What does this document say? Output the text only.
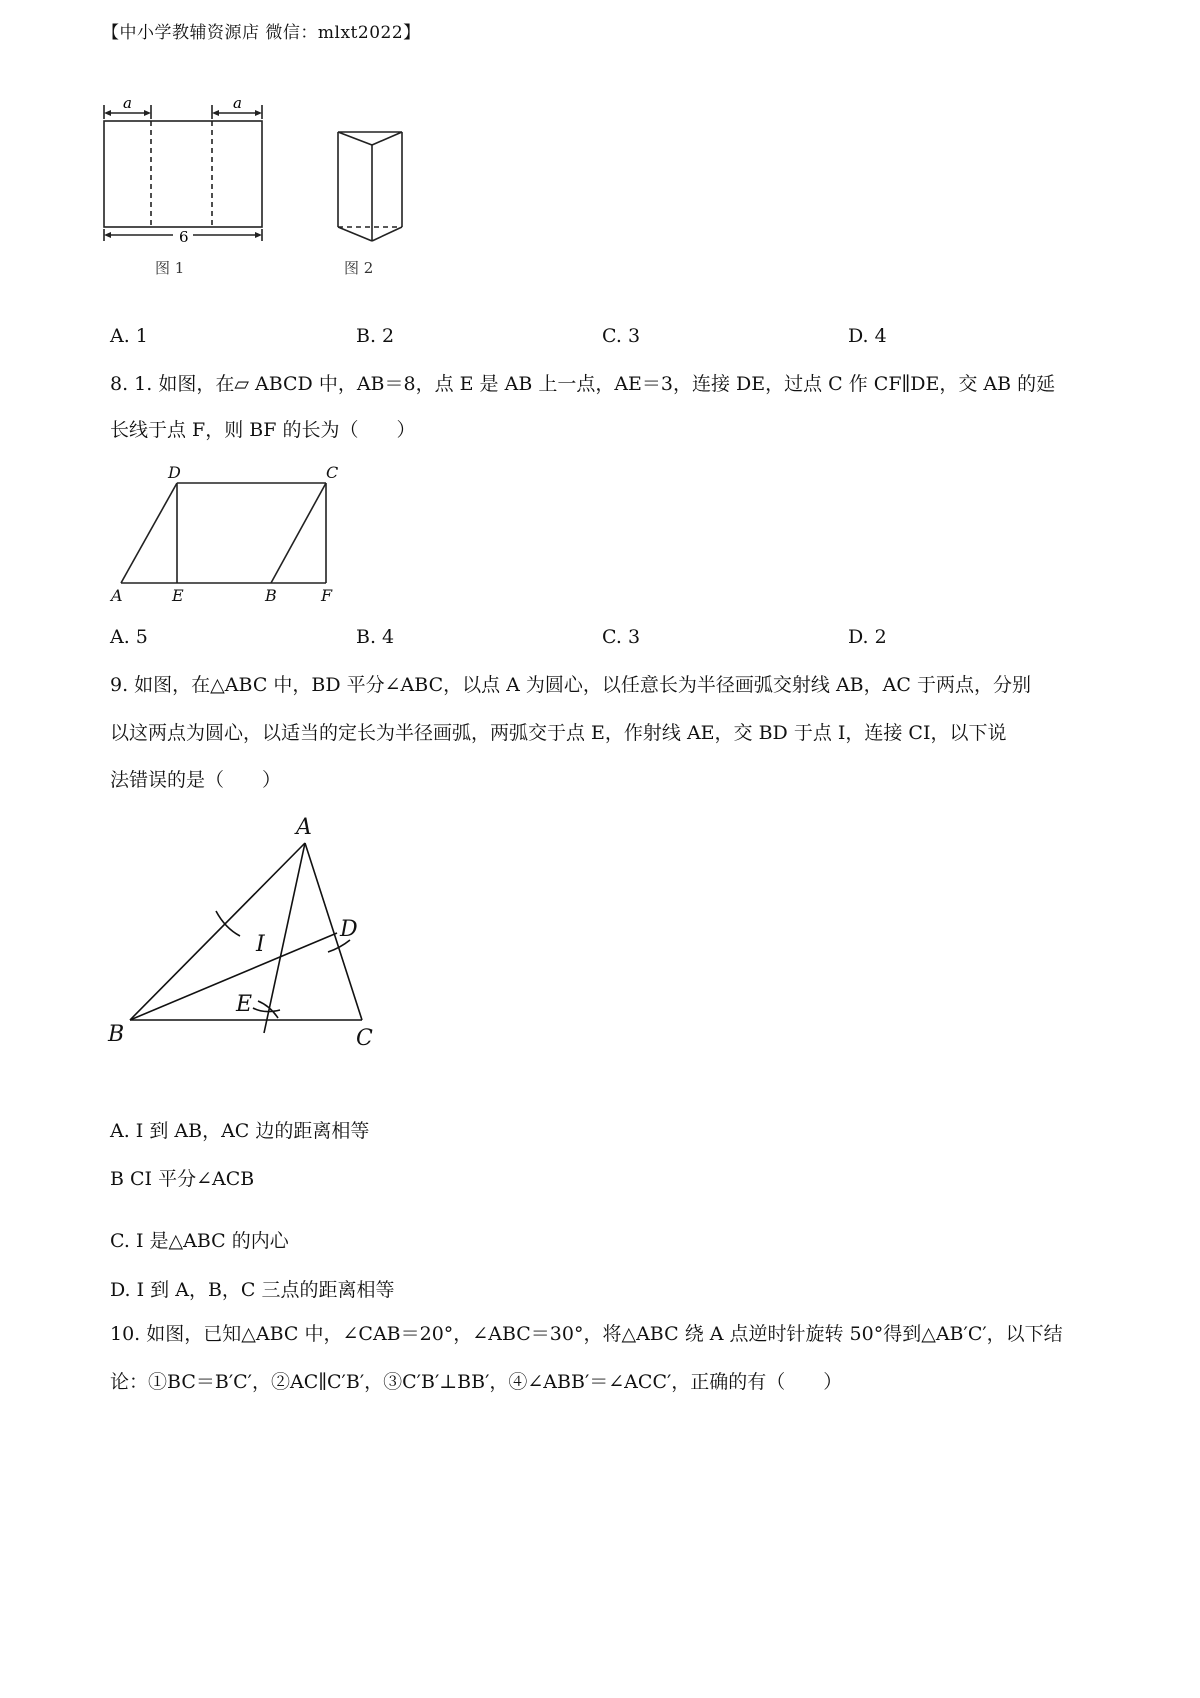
【中小学教辅资源店 微信：mlxt2022】
a	a
6
图 1	图 2
A. 1	B. 2	C. 3	D. 4
8. 1. 如图，在▱ ABCD 中，AB＝8，点 E 是 AB 上一点，AE＝3，连接 DE，过点 C 作 CF∥DE，交 AB 的延
长线于点 F，则 BF 的长为（　　）
A	E	B	F
D	C
A. 5	B. 4	C. 3	D. 2
9. 如图，在△ABC 中，BD 平分∠ABC，以点 A 为圆心，以任意长为半径画弧交射线 AB，AC 于两点，分别
以这两点为圆心，以适当的定长为半径画弧，两弧交于点 E，作射线 AE，交 BD 于点 I，连接 CI，以下说
法错误的是（　　）
A
B	C
D
I
E
A. I 到 AB，AC 边的距离相等
B CI 平分∠ACB
C. I 是△ABC 的内心
D. I 到 A，B，C 三点的距离相等
10. 如图，已知△ABC 中，∠CAB＝20°，∠ABC＝30°，将△ABC 绕 A 点逆时针旋转 50°得到△AB′C′，以下结
论：①BC＝B′C′，②AC∥C′B′，③C′B′⊥BB′，④∠ABB′＝∠ACC′，正确的有（　　）
